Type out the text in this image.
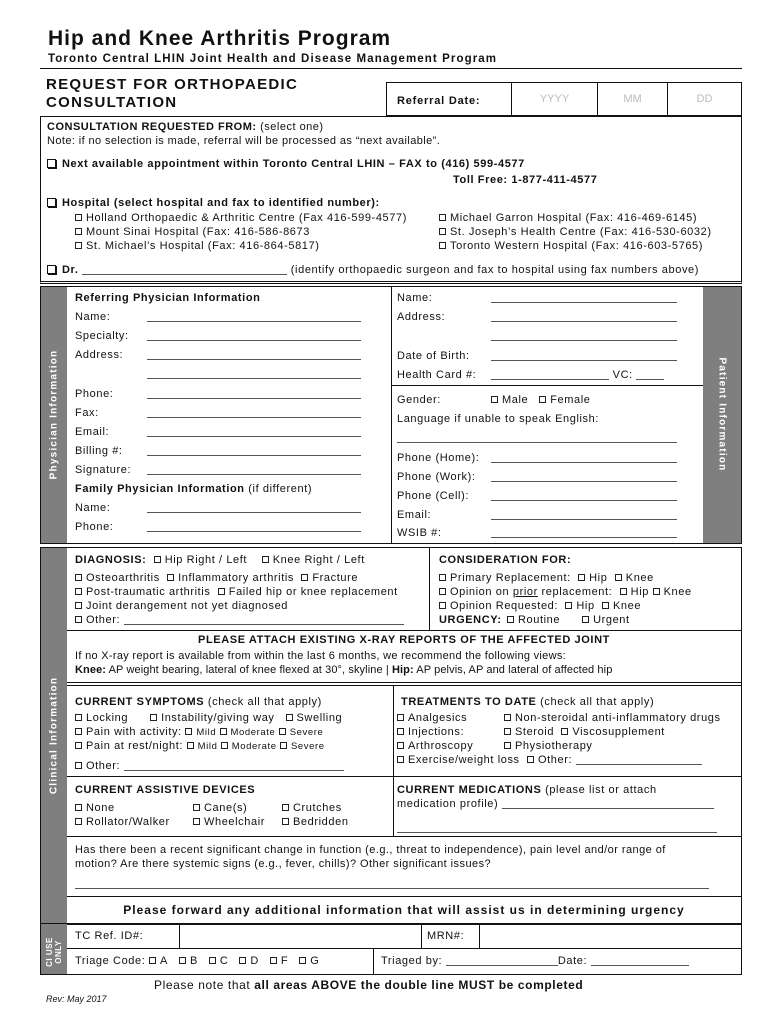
Hip and Knee Arthritis Program
Toronto Central LHIN Joint Health and Disease Management Program
REQUEST FOR ORTHOPAEDIC
CONSULTATION	Referral Date:	YYYY	MM	DD
CONSULTATION REQUESTED FROM: (select one)
Note: if no selection is made, referral will be processed as “next available”.
Next available appointment within Toronto Central LHIN – FAX to (416) 599-4577
Toll Free: 1-877-411-4577
Hospital (select hospital and fax to identified number):
Holland Orthopaedic & Arthritic Centre (Fax 416-599-4577)
Mount Sinai Hospital (Fax: 416-586-8673
St. Michael’s Hospital (Fax: 416-864-5817)
Michael Garron Hospital (Fax: 416-469-6145)
St. Joseph’s Health Centre (Fax: 416-530-6032)
Toronto Western Hospital (Fax: 416-603-5765)
Dr.	(identify orthopaedic surgeon and fax to hospital using fax numbers above)
Physician Information	Patient Information
Referring Physician Information
Name:
Specialty:
Address:
Phone:
Fax:
Email:
Billing #:
Signature:
Family Physician Information (if different)
Name:
Phone:
Name:
Address:
Date of Birth:
Health Card #:	VC:
Gender:	Male Female
Language if unable to speak English:
Phone (Home):
Phone (Work):
Phone (Cell):
Email:
WSIB #:
Clinical Information
DIAGNOSIS: Hip Right / Left Knee Right / Left
Osteoarthritis Inflammatory arthritis Fracture
Post-traumatic arthritis Failed hip or knee replacement
Joint derangement not yet diagnosed
Other:
CONSIDERATION FOR:
Primary Replacement: Hip Knee
Opinion on prior replacement: Hip Knee
Opinion Requested: Hip Knee
URGENCY: Routine	Urgent
PLEASE ATTACH EXISTING X-RAY REPORTS OF THE AFFECTED JOINT
If no X-ray report is available from within the last 6 months, we recommend the following views:
Knee: AP weight bearing, lateral of knee flexed at 30°, skyline | Hip: AP pelvis, AP and lateral of affected hip
CURRENT SYMPTOMS (check all that apply)
Locking	Instability/giving way Swelling
Pain with activity: Mild Moderate Severe
Pain at rest/night: Mild Moderate Severe
Other:
TREATMENTS TO DATE (check all that apply)
Analgesics	Non-steroidal anti-inflammatory drugs
Injections:	Steroid Viscosupplement
Arthroscopy	Physiotherapy
Exercise/weight loss Other:
CURRENT ASSISTIVE DEVICES
None	Cane(s)	Crutches
Rollator/Walker	Wheelchair	Bedridden
CURRENT MEDICATIONS (please list or attach
medication profile)
Has there been a recent significant change in function (e.g., threat to independence), pain level and/or range of
motion? Are there systemic signs (e.g., fever, chills)? Other significant issues?
Please forward any additional information that will assist us in determining urgency
CI USE ONLY
TC Ref. ID#:	MRN#:
Triage Code: A B C D F G	Triaged by:	Date:
Rev: May 2017
Please note that all areas ABOVE the double line MUST be completed
